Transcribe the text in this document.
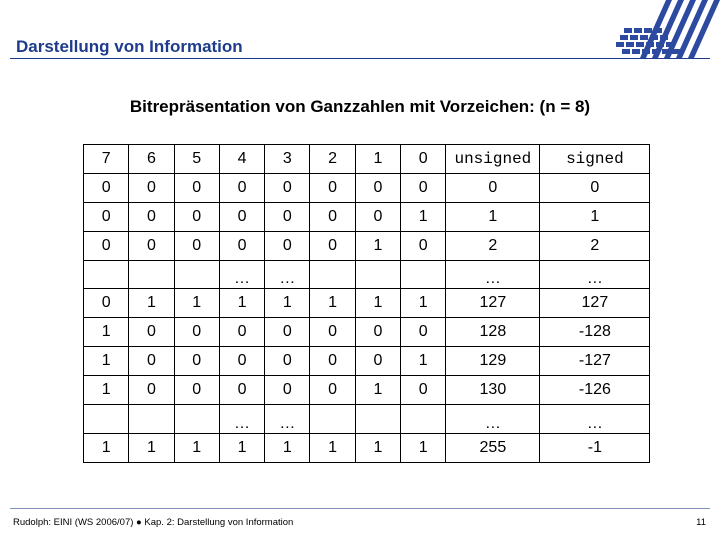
Darstellung von Information
Bitrepräsentation von Ganzzahlen mit Vorzeichen: (n = 8)
7	6	5	4	3	2	1	0	unsigned	signed
0	0	0	0	0	0	0	0	0	0
0	0	0	0	0	0	0	1	1	1
0	0	0	0	0	0	1	0	2	2
			…	…				…	…
0	1	1	1	1	1	1	1	127	127
1	0	0	0	0	0	0	0	128	-128
1	0	0	0	0	0	0	1	129	-127
1	0	0	0	0	0	1	0	130	-126
			…	…				…	…
1	1	1	1	1	1	1	1	255	-1
Rudolph: EINI (WS 2006/07) ● Kap. 2: Darstellung von Information	11
